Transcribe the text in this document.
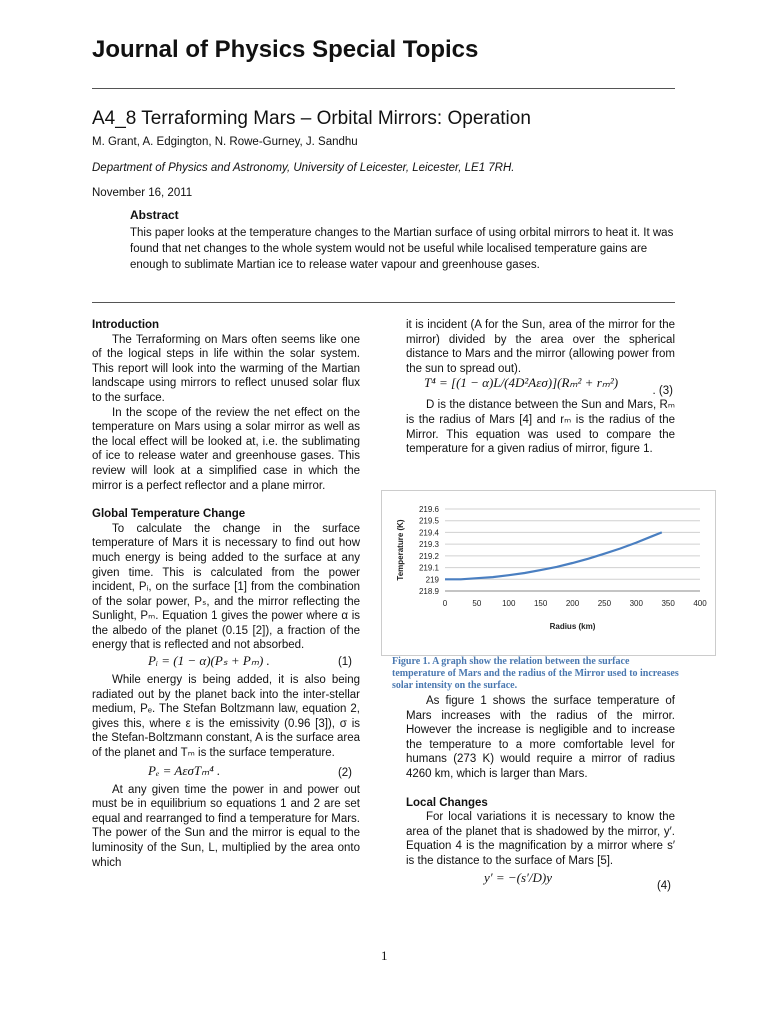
Journal of Physics Special Topics
A4_8 Terraforming Mars – Orbital Mirrors: Operation
M. Grant, A. Edgington, N. Rowe-Gurney, J. Sandhu
Department of Physics and Astronomy, University of Leicester, Leicester, LE1 7RH.
November 16, 2011
Abstract
This paper looks at the temperature changes to the Martian surface of using orbital mirrors to heat it. It was found that net changes to the whole system would not be useful while localised temperature gains are enough to sublimate Martian ice to release water vapour and greenhouse gases.
Introduction

The Terraforming on Mars often seems like one of the logical steps in life within the solar system. This report will look into the warming of the Martian landscape using mirrors to reflect unused solar flux to the surface.

In the scope of the review the net effect on the temperature on Mars using a solar mirror as well as the local effect will be looked at, i.e. the sublimating of ice to release water and greenhouse gases. This review will look at a simplified case in which the mirror is a perfect reflector and a plane mirror.

Global Temperature Change

To calculate the change in the surface temperature of Mars it is necessary to find out how much energy is being added to the surface at any given time. This is calculated from the power incident, Pᵢ, on the surface [1] from the combination of the solar power, Pₛ, and the mirror reflecting the Sunlight, Pₘ. Equation 1 gives the power where α is the albedo of the planet (0.15 [2]), a fraction of the energy that is reflected and not absorbed.

Pᵢ = (1 − α)(Pₛ + Pₘ) .	(1)

While energy is being added, it is also being radiated out by the planet back into the inter-stellar medium, Pₑ. The Stefan Boltzmann law, equation 2, gives this, where ε is the emissivity (0.96 [3]), σ is the Stefan-Boltzmann constant, A is the surface area of the planet and Tₘ is the surface temperature.

Pₑ = AεσTₘ⁴ .	(2)

At any given time the power in and power out must be in equilibrium so equations 1 and 2 are set equal and rearranged to find a temperature for Mars. The power of the Sun and the mirror is equal to the luminosity of the Sun, L, multiplied by the area onto which

it is incident (A for the Sun, area of the mirror for the mirror) divided by the area over the spherical distance to Mars and the mirror (allowing power from the sun to spread out).

T⁴ = [(1 − α)L/(4D²Aεσ)](Rₘ² + rₘ²)
. (3)

D is the distance between the Sun and Mars, Rₘ is the radius of Mars [4] and rₘ is the radius of the Mirror. This equation was used to compare the temperature for a given radius of mirror, figure 1.

218.9
219
219.1
219.2
219.3
219.4
219.5
219.6
0	50	100 150 200 250 300 350 400
Radius (km)
Temperature (K)
Figure 1. A graph show the relation between the surface temperature of Mars and the radius of the Mirror used to increases solar intensity on the surface.

As figure 1 shows the surface temperature of Mars increases with the radius of the mirror. However the increase is negligible and to increase the temperature to a more comfortable level for humans (273 K) would require a mirror of radius 4260 km, which is larger than Mars.

Local Changes

For local variations it is necessary to know the area of the planet that is shadowed by the mirror, y′. Equation 4 is the magnification by a mirror where s′ is the distance to the surface of Mars [5].

y′ = −(s′/D)y
(4)
1
